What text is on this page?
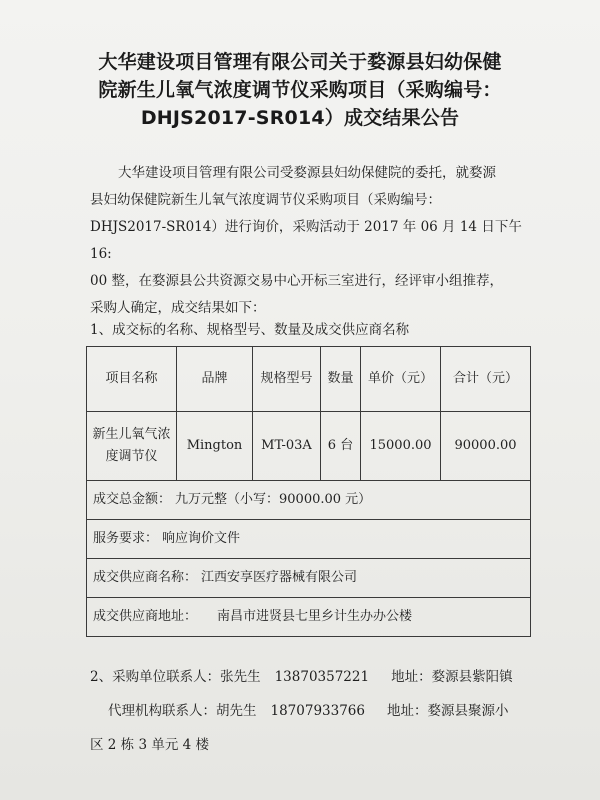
大华建设项目管理有限公司关于婺源县妇幼保健
院新生儿氧气浓度调节仪采购项目（采购编号：
DHJS2017-SR014）成交结果公告
大华建设项目管理有限公司受婺源县妇幼保健院的委托，就婺源
县妇幼保健院新生儿氧气浓度调节仪采购项目（采购编号：
DHJS2017-SR014）进行询价，采购活动于 2017 年 06 月 14 日下午 16:
00 整，在婺源县公共资源交易中心开标三室进行，经评审小组推荐，
采购人确定，成交结果如下：
1、成交标的名称、规格型号、数量及成交供应商名称
项目名称	品牌	规格型号	数量	单价（元）	合计（元）
新生儿氧气浓度调节仪	Mington	MT-03A	6 台	15000.00	90000.00
成交总金额： 九万元整（小写：90000.00 元）					
服务要求： 响应询价文件					
成交供应商名称： 江西安享医疗器械有限公司					
成交供应商地址： 南昌市进贤县七里乡计生办办公楼					
2、采购单位联系人：张先生 13870357221 地址：婺源县紫阳镇
代理机构联系人：胡先生 18707933766 地址：婺源县聚源小
区 2 栋 3 单元 4 楼
